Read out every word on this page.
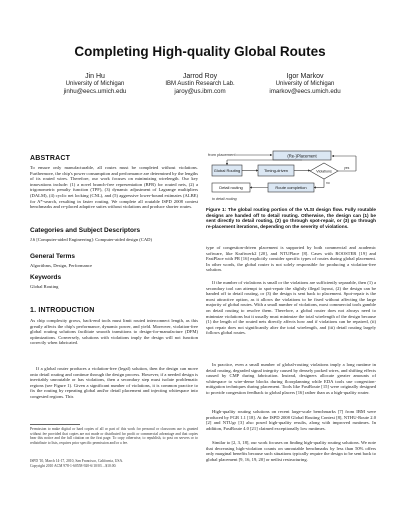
Completing High-quality Global Routes
Jin Hu
University of Michigan
jinhu@eecs.umich.edu
Jarrod Roy
IBM Austin Research Lab.
jaroy@us.ibm.com
Igor Markov
University of Michigan
imarkov@eecs.umich.edu
ABSTRACT
To ensure only manufacturable, all routes must be completed without violations. Furthermore, the chip's power consumption and performance are determined by the lengths of its routed wires. Therefore, our work focuses on minimizing wirelength. Our key innovations include: (1) a novel branch-free representation (BFR) for routed nets, (2) a trigonometric penalty function (TPF), (3) dynamic adjustment of Lagrange multipliers (DALM), (4) cyclic net locking (CNL), and (5) aggressive lower-bound estimates (ALBE) for A*-search, resulting in faster routing. We complete all routable ISPD 2008 contest benchmarks and re-placed adaptive suites without violations and produce shorter routes.
Categories and Subject Descriptors
J.6 [Computer-aided Engineering]: Computer-aided design (CAD)
General Terms
Algorithms, Design, Performance
Keywords
Global Routing
1. INTRODUCTION
As chip complexity grows, back-end tools must limit routed interconnect length, as this greatly affects the chip's performance, dynamic power, and yield. Moreover, violation-free global routing solutions facilitate smooth transitions to design-for-manufacture (DFM) optimizations. Conversely, solutions with violations imply the design will not function correctly when fabricated.
If a global router produces a violation-free (legal) solution, then the design can move onto detail routing and continue through the design process. However, if a needed design is inevitably unroutable or has violations, then a secondary step must isolate problematic regions (see Figure 1). Given a significant number of violations, it is common practice to fix the routing by repeating global and/or detail placement and injecting whitespace into congested regions. This
Permission to make digital or hard copies of all or part of this work for personal or classroom use is granted without fee provided that copies are not made or distributed for profit or commercial advantage and that copies bear this notice and the full citation on the first page. To copy otherwise, to republish, to post on servers or to redistribute to lists, requires prior specific permission and/or a fee.
ISPD '10, March 14-17, 2010, San Francisco, California, USA.
Copyright 2010 ACM 978-1-60558-920-6/10/03 ...$10.00.
from placement	(Re-)Placement
Global Routing	Timing-driven	Violations
yes
Route completion
no
Detail routing
to detail routing
Figure 1: The global routing portion of the VLSI design flow. Fully routable designs are handed off to detail routing. Otherwise, the design can (1) be sent directly to detail routing, (2) go through spot-repair, or (3) go through re-placement iterations, depending on the severity of violations.
type of congestion-driven placement is supported by both commercial and academic software, like Kraftwerk2 [20], and NTUPlace [8]. Cases with ROOSTER [19] and FastPlace with PR [16] explicitly consider specific types of routes during global placement. In other words, the global router is not solely responsible for producing a violation-free solution.
If the number of violations is small or the violations are sufficiently separable, then (1) a secondary tool can attempt to spot-repair the slightly illegal layout, (2) the design can be handed off to detail routing, or (3) the design is sent back to placement. Spot-repair is the most attractive option, as it allows the violations to be fixed without affecting the large majority of global routes. With a small number of violations, most commercial tools gamble on detail routing to resolve them. Therefore, a global router does not always need to minimize violations but it usually must minimize the total wirelength of the design because (1) the length of the routed nets directly affects how and if violations can be repaired, (ii) spot repair does not significantly alter the total wirelength, and (iii) detail routing largely follows global routes.
In practice, even a small number of global-routing violations imply a long runtime in detail routing, degraded signal integrity caused by densely packed wires, and shifting effects caused by CMP during fabrication. Instead, designers allocate greater amounts of whitespace to wire-dense blocks during floorplanning while EDA tools use congestion-mitigation techniques during placement. Tools like FastRoute [15] were originally designed to provide congestion feedback to global placers [16] rather than as a high-quality router.
High-quality routing solutions on recent large-scale benchmarks [7] from IBM were produced by FGR 1.1 [18]. At the ISPD 2008 Global Routing Contest [8], NTHU-Route 2.0 [2] and NTUgr [3] also posed high-quality results, along with improved runtimes. In addition, FastRoute 4.0 [21] claimed exceptionally low runtimes.
Similar to [2, 3, 18], our work focuses on finding high-quality routing solutions. We note that decreasing high-violation counts on unroutable benchmarks by less than 50% offers only marginal benefits because such situations typically require the design to be sent back to global placement [9, 16, 19, 20] or netlist restructuring.
